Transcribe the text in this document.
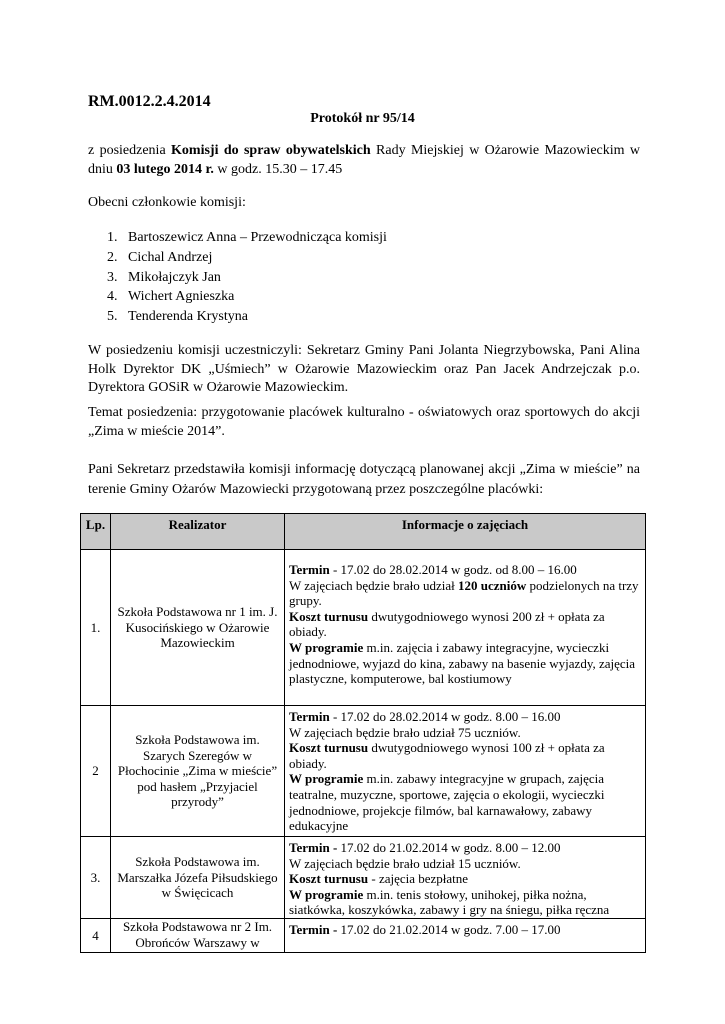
RM.0012.2.4.2014
Protokół nr 95/14

z posiedzenia Komisji do spraw obywatelskich Rady Miejskiej w Ożarowie Mazowieckim w dniu 03 lutego 2014 r. w godz. 15.30 – 17.45

Obecni członkowie komisji:

1. Bartoszewicz Anna – Przewodnicząca komisji
2. Cichal Andrzej
3. Mikołajczyk Jan
4. Wichert Agnieszka
5. Tenderenda Krystyna

W posiedzeniu komisji uczestniczyli: Sekretarz Gminy Pani Jolanta Niegrzybowska, Pani Alina Holk Dyrektor DK „Uśmiech” w Ożarowie Mazowieckim oraz Pan Jacek Andrzejczak p.o. Dyrektora GOSiR w Ożarowie Mazowieckim.

Temat posiedzenia: przygotowanie placówek kulturalno - oświatowych oraz sportowych do akcji „Zima w mieście 2014”.

Pani Sekretarz przedstawiła komisji informację dotyczącą planowanej akcji „Zima w mieście” na terenie Gminy Ożarów Mazowiecki przygotowaną przez poszczególne placówki:

Lp.	Realizator	Informacje o zajęciach
1.	Szkoła Podstawowa nr 1 im. J. Kusocińskiego w Ożarowie Mazowieckim	Termin - 17.02 do 28.02.2014 w godz. od 8.00 – 16.00
W zajęciach będzie brało udział 120 uczniów podzielonych na trzy grupy.
Koszt turnusu dwutygodniowego wynosi 200 zł + opłata za obiady.
W programie m.in. zajęcia i zabawy integracyjne, wycieczki jednodniowe, wyjazd do kina, zabawy na basenie wyjazdy, zajęcia plastyczne, komputerowe, bal kostiumowy

2	Szkoła Podstawowa im. Szarych Szeregów w Płochocinie „Zima w mieście” pod hasłem „Przyjaciel przyrody”	Termin - 17.02 do 28.02.2014 w godz. 8.00 – 16.00
W zajęciach będzie brało udział 75 uczniów.
Koszt turnusu dwutygodniowego wynosi 100 zł + opłata za obiady.
W programie m.in. zabawy integracyjne w grupach, zajęcia teatralne, muzyczne, sportowe, zajęcia o ekologii, wycieczki jednodniowe, projekcje filmów, bal karnawałowy, zabawy edukacyjne

3.	Szkoła Podstawowa im. Marszałka Józefa Piłsudskiego w Święcicach	Termin - 17.02 do 21.02.2014 w godz. 8.00 – 12.00
W zajęciach będzie brało udział 15 uczniów.
Koszt turnusu - zajęcia bezpłatne
W programie m.in. tenis stołowy, unihokej, piłka nożna, siatkówka, koszykówka, zabawy i gry na śniegu, piłka ręczna

4	Szkoła Podstawowa nr 2 Im. Obrońców Warszawy w	Termin - 17.02 do 21.02.2014 w godz. 7.00 – 17.00
